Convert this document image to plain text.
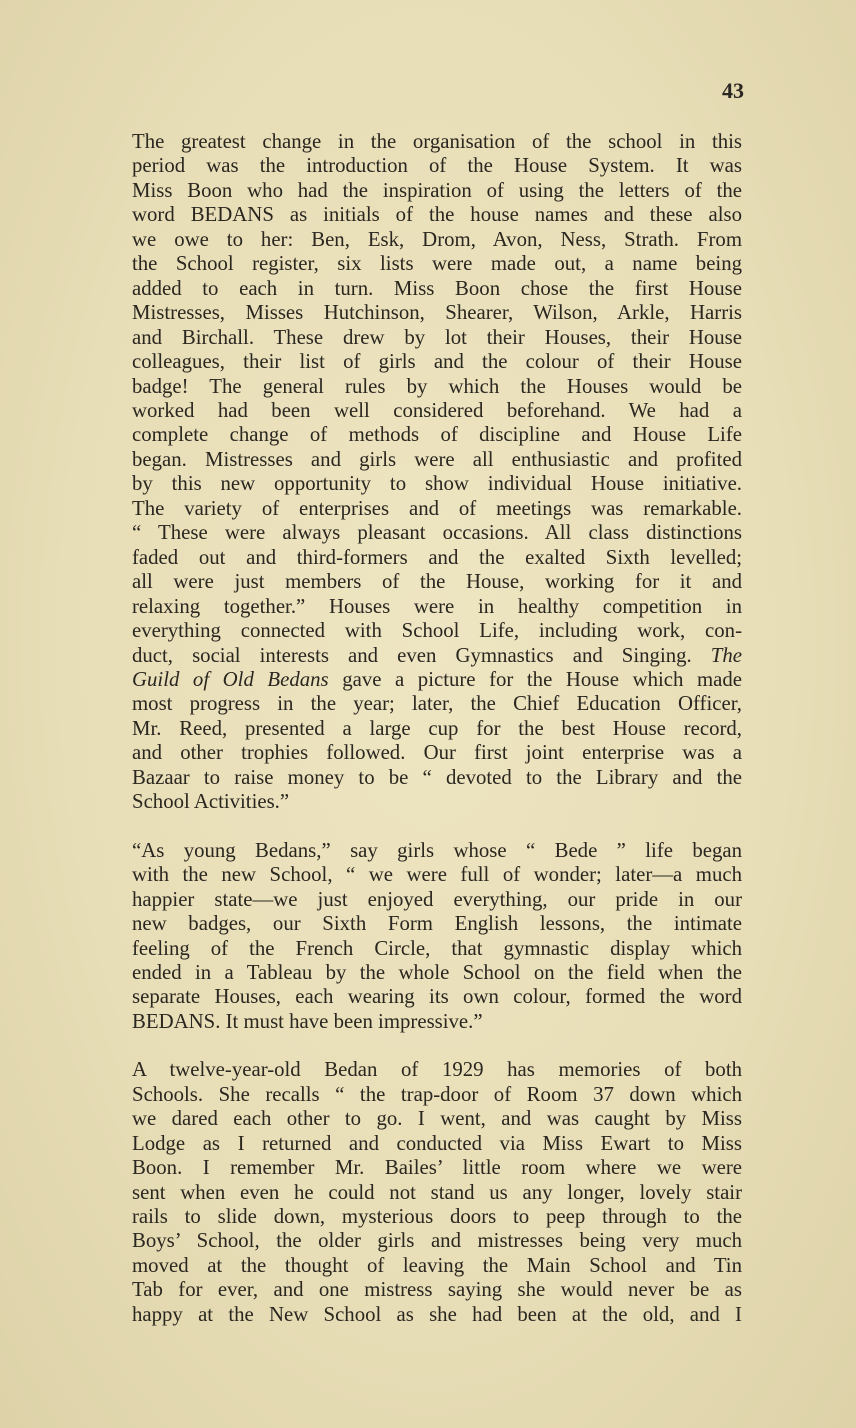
43

The greatest change in the organisation of the school in this
period was the introduction of the House System. It was
Miss Boon who had the inspiration of using the letters of the
word BEDANS as initials of the house names and these also
we owe to her: Ben, Esk, Drom, Avon, Ness, Strath. From
the School register, six lists were made out, a name being
added to each in turn. Miss Boon chose the first House
Mistresses, Misses Hutchinson, Shearer, Wilson, Arkle, Harris
and Birchall. These drew by lot their Houses, their House
colleagues, their list of girls and the colour of their House
badge! The general rules by which the Houses would be
worked had been well considered beforehand. We had a
complete change of methods of discipline and House Life
began. Mistresses and girls were all enthusiastic and profited
by this new opportunity to show individual House initiative.
The variety of enterprises and of meetings was remarkable.
“ These were always pleasant occasions. All class distinctions
faded out and third-formers and the exalted Sixth levelled;
all were just members of the House, working for it and
relaxing together.” Houses were in healthy competition in
everything connected with School Life, including work, con-
duct, social interests and even Gymnastics and Singing. The
Guild of Old Bedans gave a picture for the House which made
most progress in the year; later, the Chief Education Officer,
Mr. Reed, presented a large cup for the best House record,
and other trophies followed. Our first joint enterprise was a
Bazaar to raise money to be “ devoted to the Library and the
School Activities.”

“As young Bedans,” say girls whose “ Bede ” life began
with the new School, “ we were full of wonder; later—a much
happier state—we just enjoyed everything, our pride in our
new badges, our Sixth Form English lessons, the intimate
feeling of the French Circle, that gymnastic display which
ended in a Tableau by the whole School on the field when the
separate Houses, each wearing its own colour, formed the word
BEDANS. It must have been impressive.”

A twelve-year-old Bedan of 1929 has memories of both
Schools. She recalls “ the trap-door of Room 37 down which
we dared each other to go. I went, and was caught by Miss
Lodge as I returned and conducted via Miss Ewart to Miss
Boon. I remember Mr. Bailes’ little room where we were
sent when even he could not stand us any longer, lovely stair
rails to slide down, mysterious doors to peep through to the
Boys’ School, the older girls and mistresses being very much
moved at the thought of leaving the Main School and Tin
Tab for ever, and one mistress saying she would never be as
happy at the New School as she had been at the old, and I
